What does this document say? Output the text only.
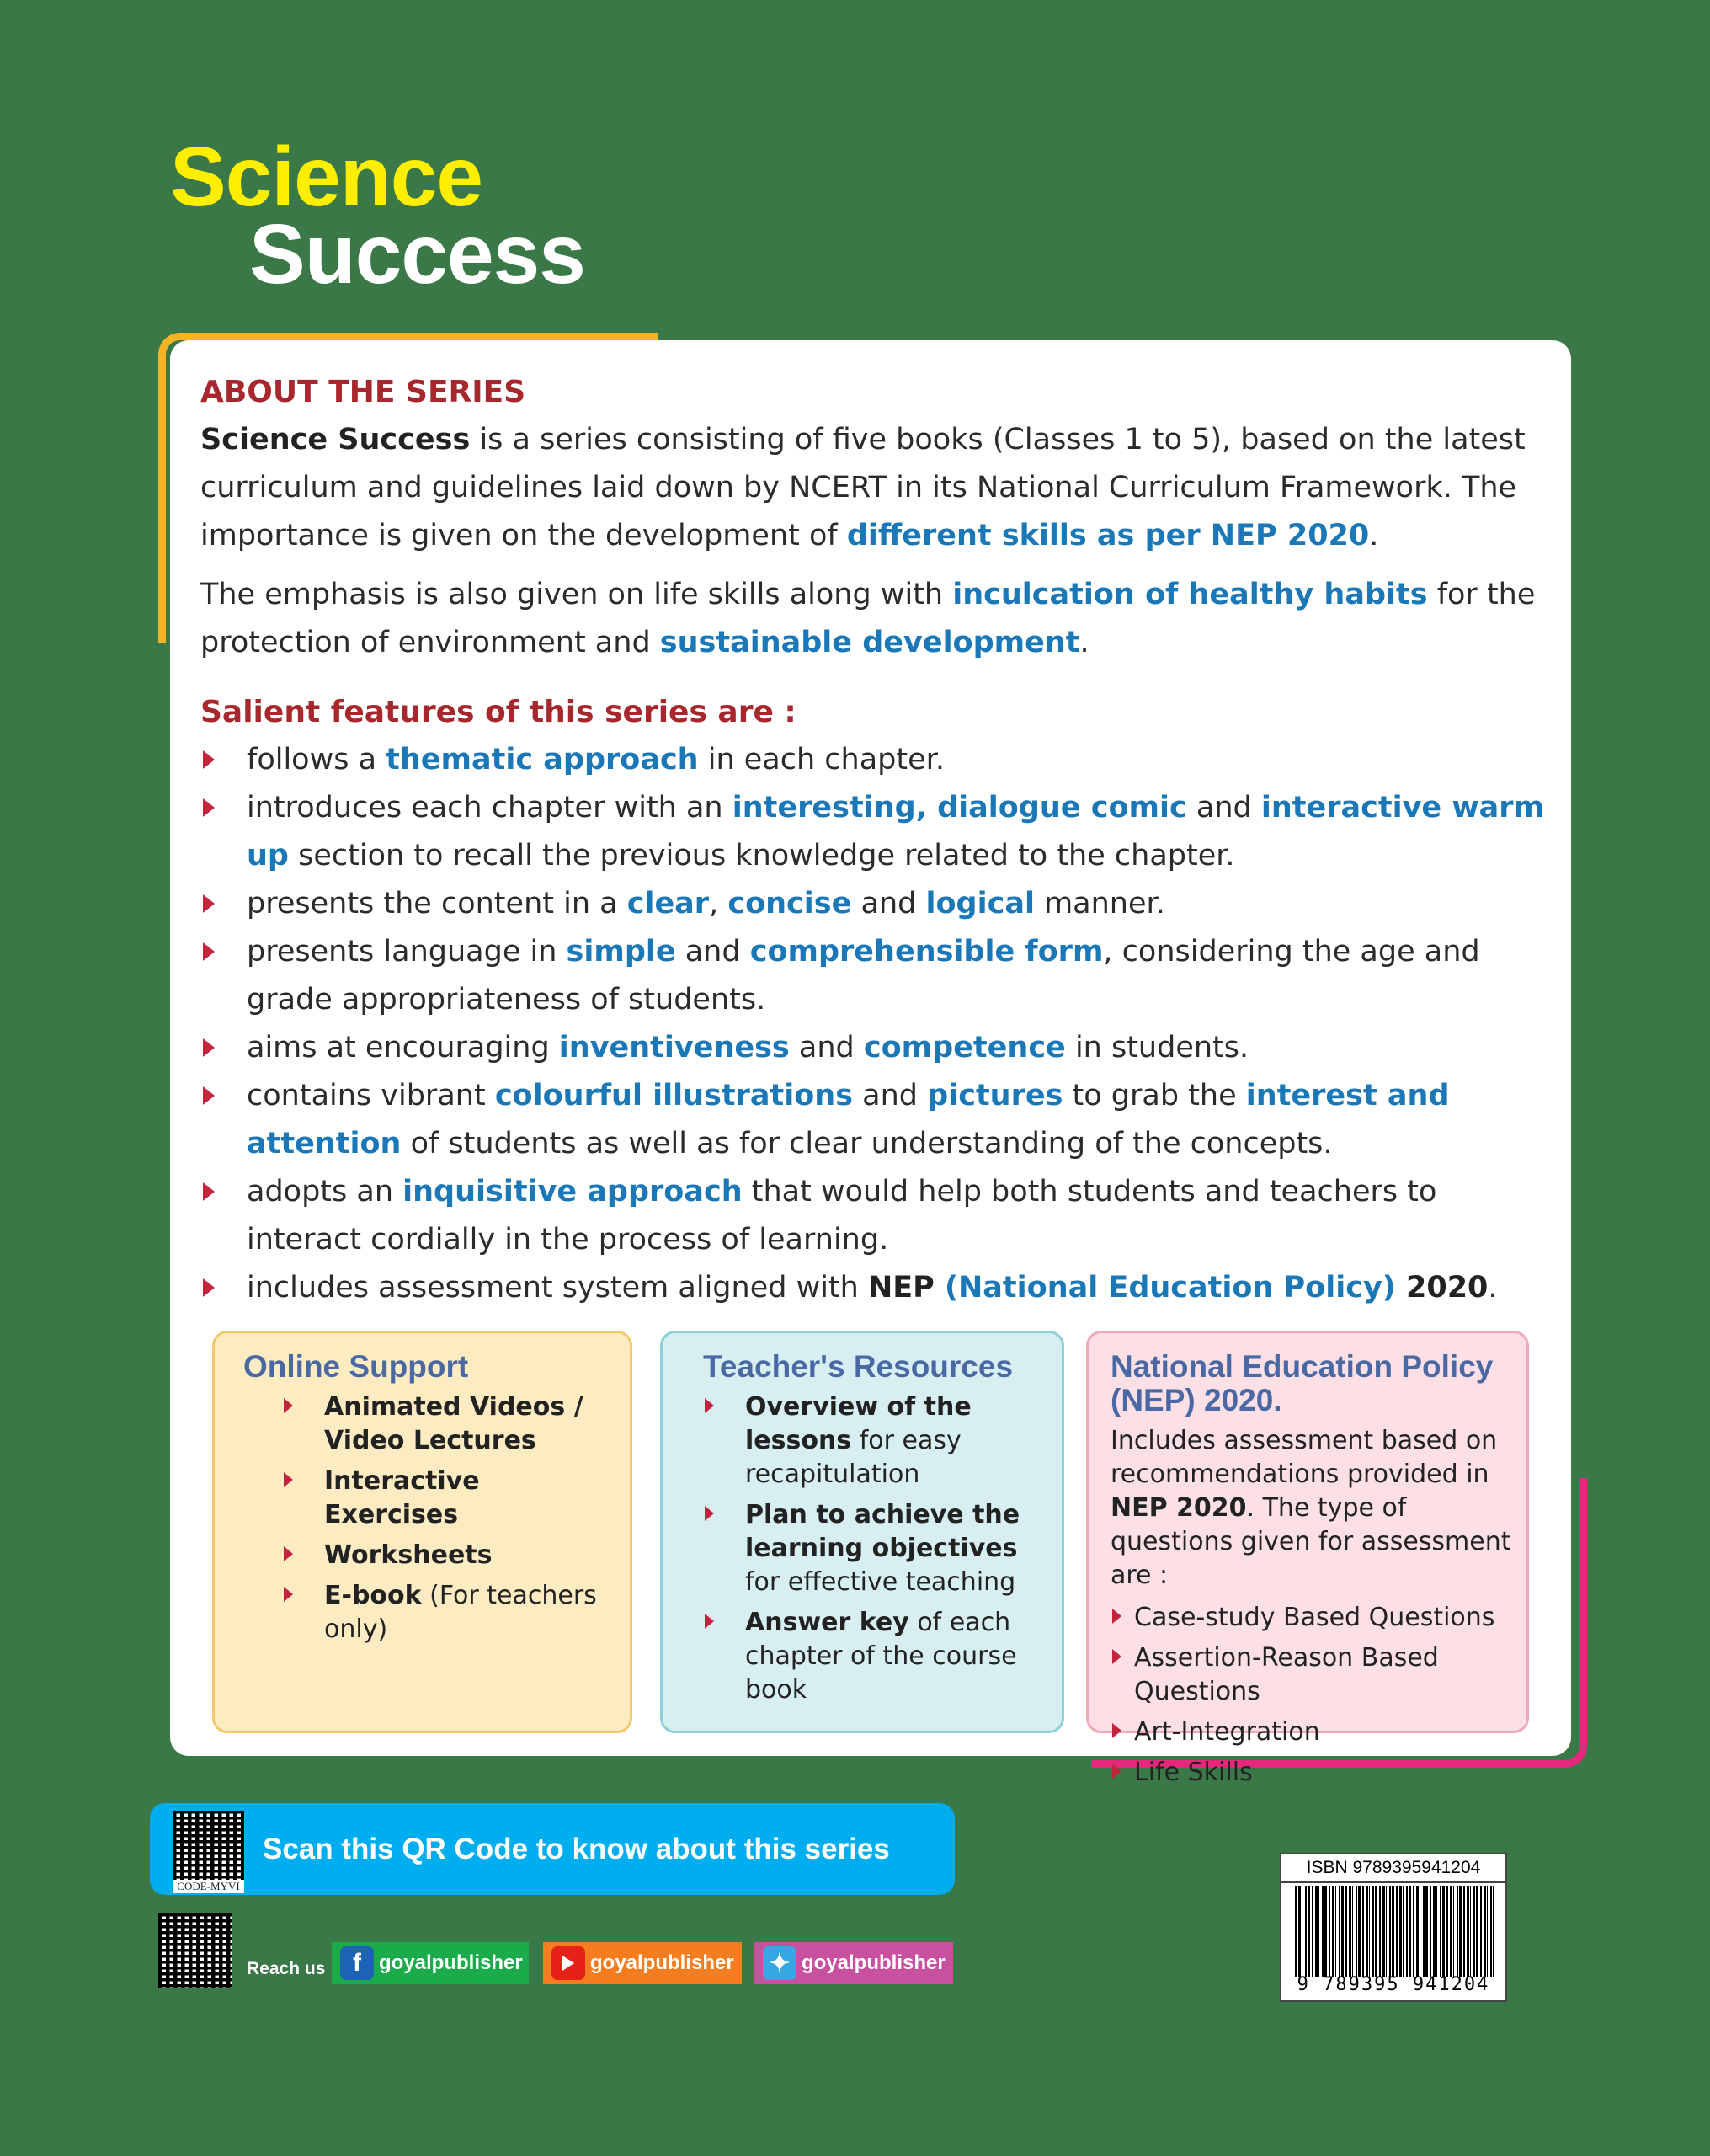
Science
Success
ABOUT THE SERIES

Science Success is a series consisting of five books (Classes 1 to 5), based on the latest curriculum and guidelines laid down by NCERT in its National Curriculum Framework. The importance is given on the development of different skills as per NEP 2020.

The emphasis is also given on life skills along with inculcation of healthy habits for the protection of environment and sustainable development.

Salient features of this series are :
follows a thematic approach in each chapter.
introduces each chapter with an interesting, dialogue comic and interactive warm up section to recall the previous knowledge related to the chapter.
presents the content in a clear, concise and logical manner.
presents language in simple and comprehensible form, considering the age and grade appropriateness of students.
aims at encouraging inventiveness and competence in students.
contains vibrant colourful illustrations and pictures to grab the interest and attention of students as well as for clear understanding of the concepts.
adopts an inquisitive approach that would help both students and teachers to interact cordially in the process of learning.
includes assessment system aligned with NEP (National Education Policy) 2020.
Online Support
Animated Videos / Video Lectures
Interactive Exercises
Worksheets
E-book (For teachers only)
Teacher's Resources
Overview of the lessons for easy recapitulation
Plan to achieve the learning objectives for effective teaching
Answer key of each chapter of the course book
National Education Policy (NEP) 2020.

Includes assessment based on recommendations provided in NEP 2020. The type of questions given for assessment are :

Case-study Based Questions
Assertion-Reason Based Questions
Art-Integration
Life Skills
CODE-MYVI
Scan this QR Code to know about this series
Reach us	f goyalpublisher	goyalpublisher ✦ goyalpublisher
ISBN 9789395941204
9 789395 941204
